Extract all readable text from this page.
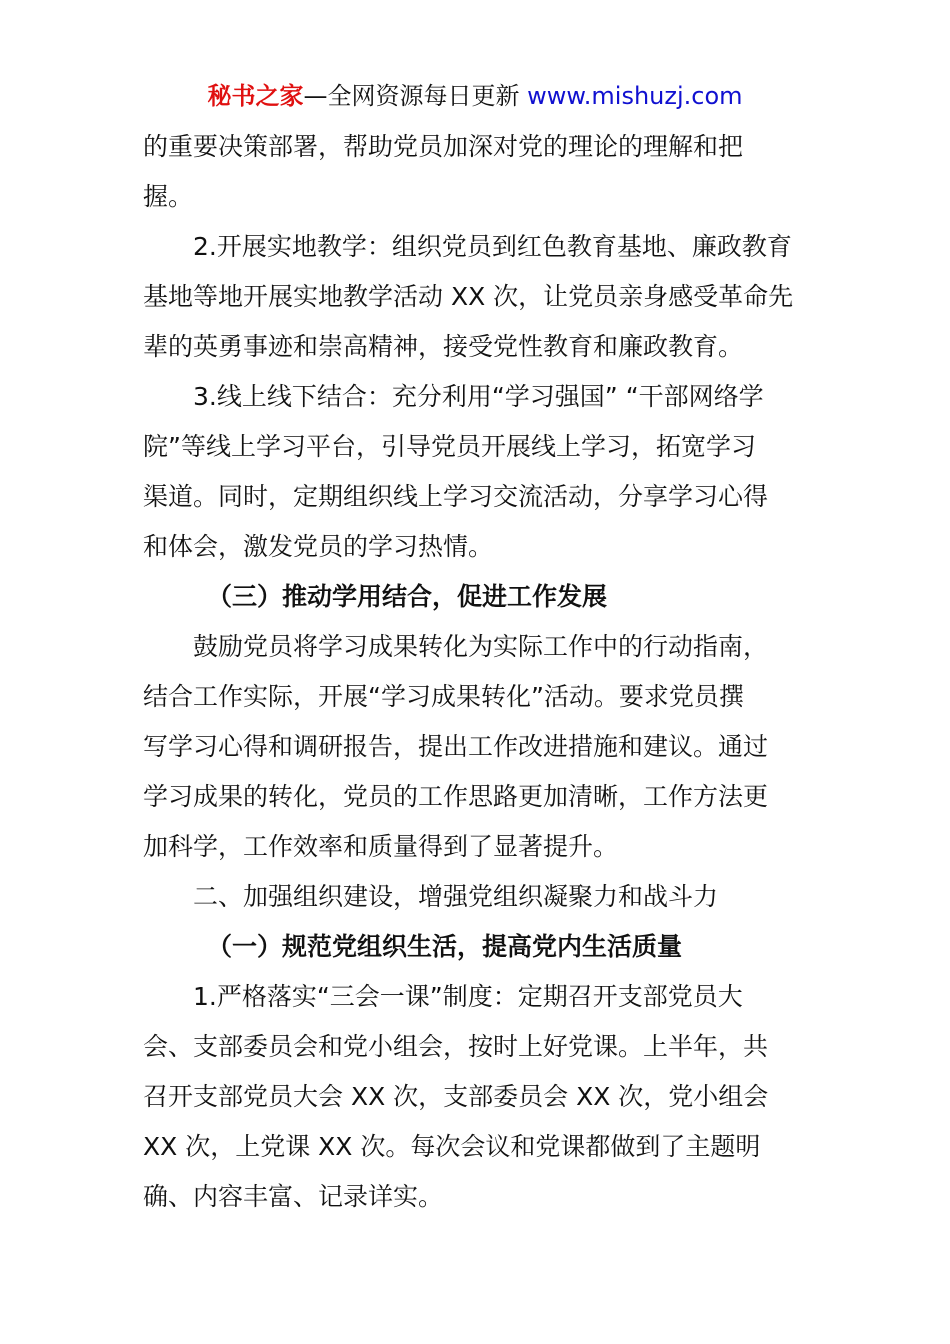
秘书之家—全网资源每日更新 www.mishuzj.com
的重要决策部署，帮助党员加深对党的理论的理解和把
握。
2.开展实地教学：组织党员到红色教育基地、廉政教育
基地等地开展实地教学活动 XX 次，让党员亲身感受革命先
辈的英勇事迹和崇高精神，接受党性教育和廉政教育。
3.线上线下结合：充分利用“学习强国” “干部网络学
院”等线上学习平台，引导党员开展线上学习，拓宽学习
渠道。同时，定期组织线上学习交流活动，分享学习心得
和体会，激发党员的学习热情。
（三）推动学用结合，促进工作发展
鼓励党员将学习成果转化为实际工作中的行动指南，
结合工作实际，开展“学习成果转化”活动。要求党员撰
写学习心得和调研报告，提出工作改进措施和建议。通过
学习成果的转化，党员的工作思路更加清晰，工作方法更
加科学，工作效率和质量得到了显著提升。
二、加强组织建设，增强党组织凝聚力和战斗力
（一）规范党组织生活，提高党内生活质量
1.严格落实“三会一课”制度：定期召开支部党员大
会、支部委员会和党小组会，按时上好党课。上半年，共
召开支部党员大会 XX 次，支部委员会 XX 次，党小组会
XX 次，上党课 XX 次。每次会议和党课都做到了主题明
确、内容丰富、记录详实。
